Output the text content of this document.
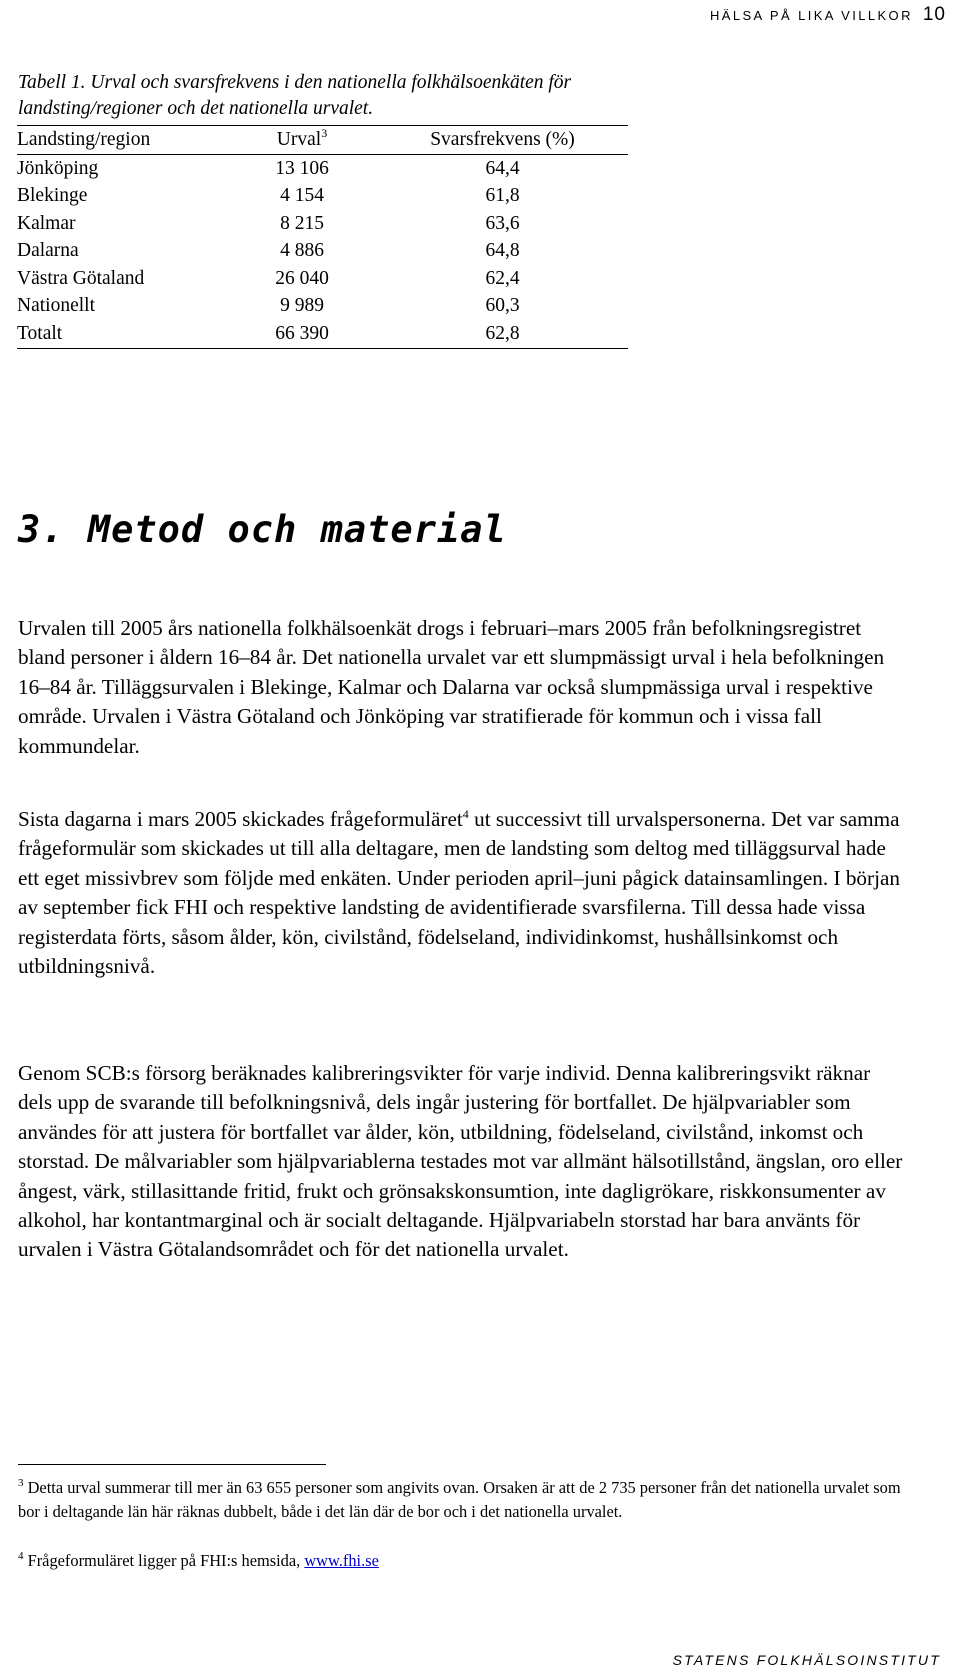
HÄLSA PÅ LIKA VILLKOR 10
Tabell 1. Urval och svarsfrekvens i den nationella folkhälsoenkäten för landsting/regioner och det nationella urvalet.
Landsting/region	Urval$^3$	Svarsfrekvens (%)
Jönköping	13 106	64,4
Blekinge	4 154	61,8
Kalmar	8 215	63,6
Dalarna	4 886	64,8
Västra Götaland	26 040	62,4
Nationellt	9 989	60,3
Totalt	66 390	62,8
3. Metod och material

Urvalen till 2005 års nationella folkhälsoenkät drogs i februari–mars 2005 från befolkningsregistret bland personer i åldern 16–84 år. Det nationella urvalet var ett slumpmässigt urval i hela befolkningen 16–84 år. Tilläggsurvalen i Blekinge, Kalmar och Dalarna var också slumpmässiga urval i respektive område. Urvalen i Västra Götaland och Jönköping var stratifierade för kommun och i vissa fall kommundelar.

Sista dagarna i mars 2005 skickades frågeformuläret$^4$ ut successivt till urvalspersonerna. Det var samma frågeformulär som skickades ut till alla deltagare, men de landsting som deltog med tilläggsurval hade ett eget missivbrev som följde med enkäten. Under perioden april–juni pågick datainsamlingen. I början av september fick FHI och respektive landsting de avidentifierade svarsfilerna. Till dessa hade vissa registerdata förts, såsom ålder, kön, civilstånd, födelseland, individinkomst, hushållsinkomst och utbildningsnivå.

Genom SCB:s försorg beräknades kalibreringsvikter för varje individ. Denna kalibreringsvikt räknar dels upp de svarande till befolkningsnivå, dels ingår justering för bortfallet. De hjälpvariabler som användes för att justera för bortfallet var ålder, kön, utbildning, födelseland, civilstånd, inkomst och storstad. De målvariabler som hjälpvariablerna testades mot var allmänt hälsotillstånd, ängslan, oro eller ångest, värk, stillasittande fritid, frukt och grönsakskonsumtion, inte dagligrökare, riskkonsumenter av alkohol, har kontantmarginal och är socialt deltagande. Hjälpvariabeln storstad har bara använts för urvalen i Västra Götalandsområdet och för det nationella urvalet.

$^3$ Detta urval summerar till mer än 63 655 personer som angivits ovan. Orsaken är att de 2 735 personer från det nationella urvalet som bor i deltagande län här räknas dubbelt, både i det län där de bor och i det nationella urvalet.

$^4$ Frågeformuläret ligger på FHI:s hemsida, www.fhi.se

STATENS FOLKHÄLSOINSTITUT
